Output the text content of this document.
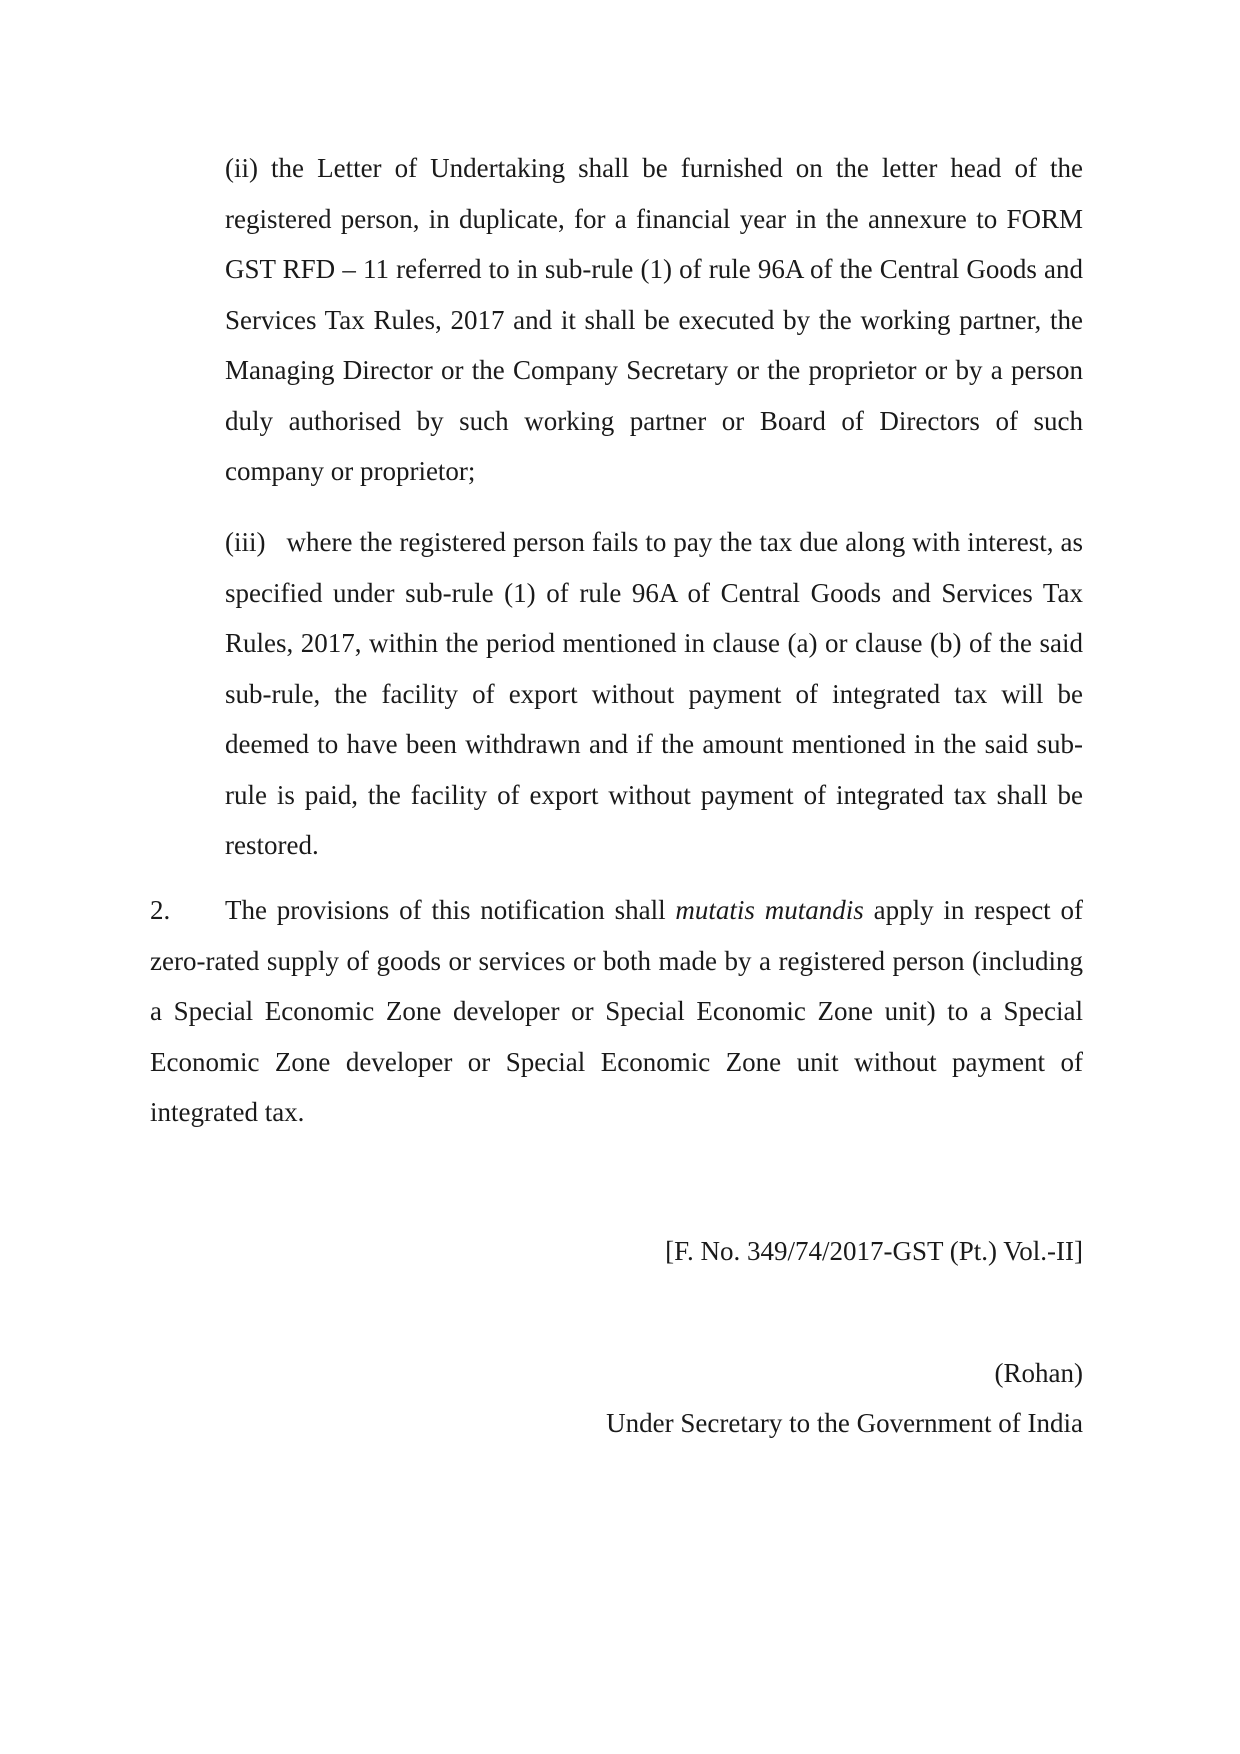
(ii) the Letter of Undertaking shall be furnished on the letter head of the registered person, in duplicate, for a financial year in the annexure to FORM GST RFD – 11 referred to in sub-rule (1) of rule 96A of the Central Goods and Services Tax Rules, 2017 and it shall be executed by the working partner, the Managing Director or the Company Secretary or the proprietor or by a person duly authorised by such working partner or Board of Directors of such company or proprietor;

(iii)   where the registered person fails to pay the tax due along with interest, as specified under sub-rule (1) of rule 96A of Central Goods and Services Tax Rules, 2017, within the period mentioned in clause (a) or clause (b) of the said sub-rule, the facility of export without payment of integrated tax will be deemed to have been withdrawn and if the amount mentioned in the said sub-rule is paid, the facility of export without payment of integrated tax shall be restored.

2. The provisions of this notification shall mutatis mutandis apply in respect of zero-rated supply of goods or services or both made by a registered person (including a Special Economic Zone developer or Special Economic Zone unit) to a Special Economic Zone developer or Special Economic Zone unit without payment of integrated tax.

[F. No. 349/74/2017-GST (Pt.) Vol.-II]

(Rohan)

Under Secretary to the Government of India
